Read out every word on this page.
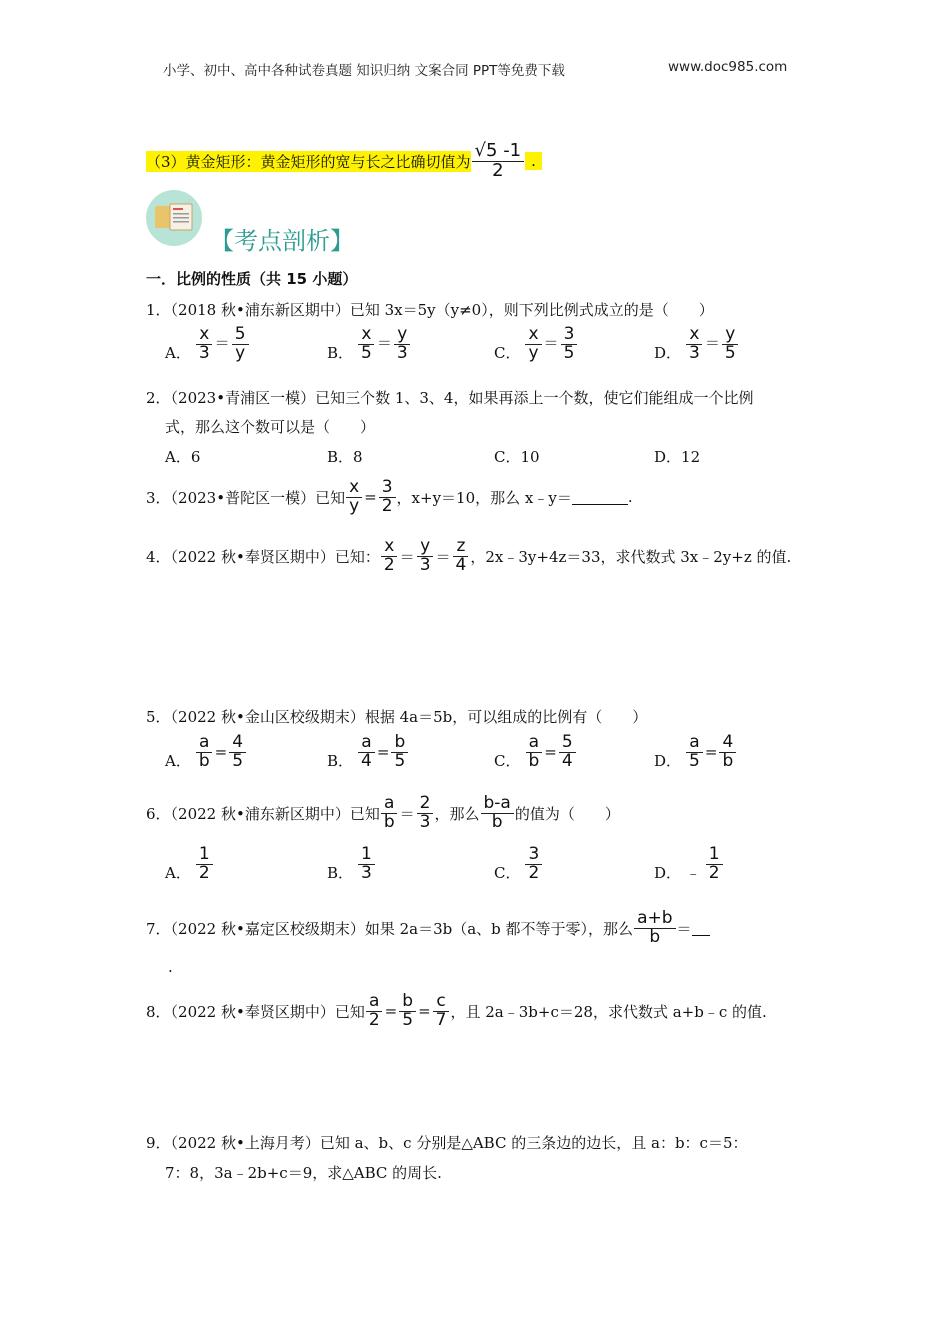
小学、初中、高中各种试卷真题 知识归纳 文案合同 PPT等免费下载	www.doc985.com
（3）黄金矩形：黄金矩形的宽与长之比确切值为 $\frac{√5 -1}{2}$ .
【考点剖析】
一．比例的性质（共 15 小题）
1．（2018 秋•浦东新区期中）已知 3x＝5y（y≠0），则下列比例式成立的是（　　）
A． $\frac{x}{3} = \frac{5}{y}$	B． $\frac{x}{5} = \frac{y}{3}$	C． $\frac{x}{y} = \frac{3}{5}$	D． $\frac{x}{3} = \frac{y}{5}$
2．（2023•青浦区一模）已知三个数 1、3、4，如果再添上一个数，使它们能组成一个比例
式，那么这个数可以是（　　）
A．6	B．8	C．10	D．12
3．（2023•普陀区一模）已知 $\frac{x}{y} = \frac{3}{2}$ ，x+y＝10，那么 x﹣y＝	.
4．（2022 秋•奉贤区期中）已知： $\frac{x}{2} = \frac{y}{3} = \frac{z}{4}$ ，2x﹣3y+4z＝33，求代数式 3x﹣2y+z 的值.
5．（2022 秋•金山区校级期末）根据 4a＝5b，可以组成的比例有（　　）
A． $\frac{a}{b} = \frac{4}{5}$	B． $\frac{a}{4} = \frac{b}{5}$	C． $\frac{a}{b} = \frac{5}{4}$	D． $\frac{a}{5} = \frac{4}{b}$
6．（2022 秋•浦东新区期中）已知 $\frac{a}{b} = \frac{2}{3}$ ，那么 $\frac{b-a}{b}$ 的值为（　　）
A． $\frac{1}{2}$	B． $\frac{1}{3}$	C． $\frac{3}{2}$	D． ﹣ $\frac{1}{2}$
7．（2022 秋•嘉定区校级期末）如果 2a＝3b（a、b 都不等于零），那么 $\frac{a+b}{b}$ ＝
.
8．（2022 秋•奉贤区期中）已知 $\frac{a}{2} = \frac{b}{5} = \frac{c}{7}$ ，且 2a﹣3b+c＝28，求代数式 a+b﹣c 的值.
9．（2022 秋•上海月考）已知 a、b、c 分别是△ABC 的三条边的边长，且 a：b：c＝5：
7：8，3a﹣2b+c＝9，求△ABC 的周长.
